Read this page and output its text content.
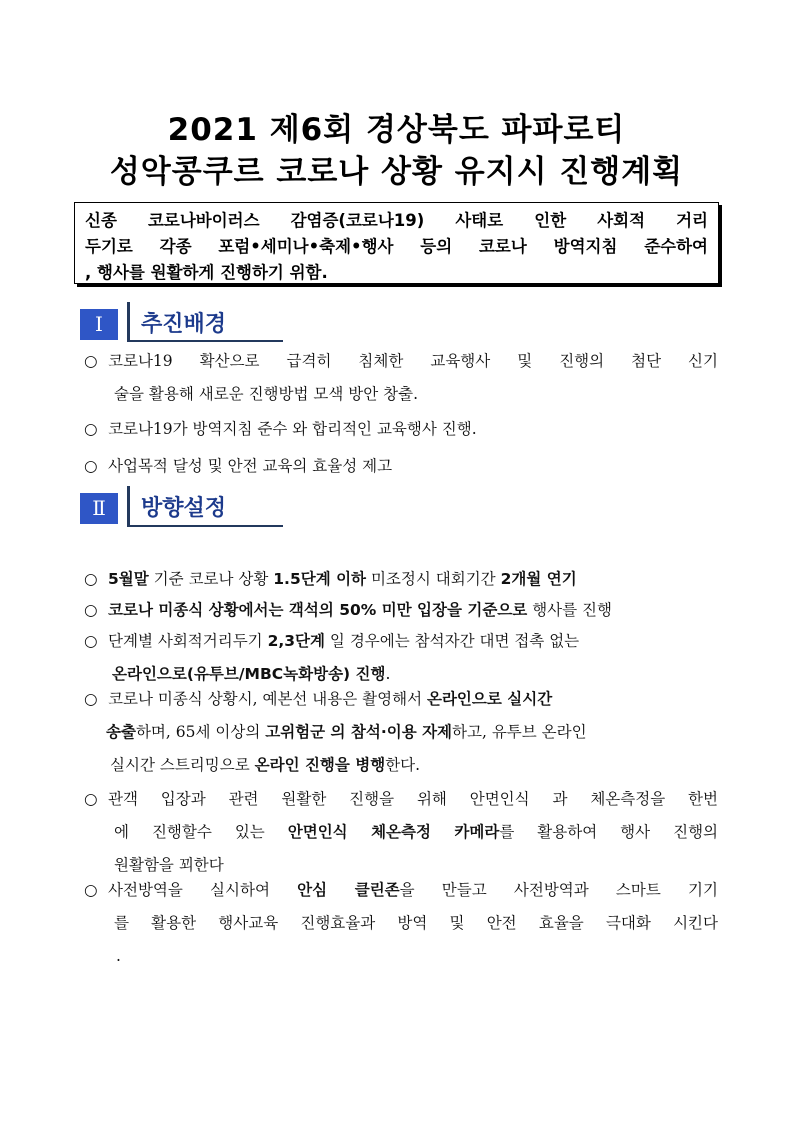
2021 제6회 경상북도 파파로티
성악콩쿠르 코로나 상황 유지시 진행계획
신종 코로나바이러스 감염증(코로나19) 사태로 인한 사회적 거리
두기로 각종 포럼•세미나•축제•행사 등의 코로나 방역지침 준수하여
, 행사를 원활하게 진행하기 위함.
Ⅰ	추진배경
○ 코로나19 확산으로 급격히 침체한 교육행사 및 진행의 첨단 신기
술을 활용해 새로운 진행방법 모색 방안 창출.
○ 코로나19가 방역지침 준수 와 합리적인 교육행사 진행.
○ 사업목적 달성 및 안전 교육의 효율성 제고
Ⅱ	방향설정
○ 5월말 기준 코로나 상황 1.5단계 이하 미조정시 대회기간 2개월 연기
○ 코로나 미종식 상황에서는 객석의 50% 미만 입장을 기준으로 행사를 진행
○ 단계별 사회적거리두기 2,3단계 일 경우에는 참석자간 대면 접촉 없는
온라인으로(유투브/MBC녹화방송) 진행.
○ 코로나 미종식 상황시, 예본선 내용은 촬영해서 온라인으로 실시간
송출하며, 65세 이상의 고위험군 의 참석·이용 자제하고, 유투브 온라인
실시간 스트리밍으로 온라인 진행을 병행한다.
○ 관객 입장과 관련 원활한 진행을 위해 안면인식 과 체온측정을 한번
에 진행할수 있는 안면인식 체온측정 카메라를 활용하여 행사 진행의
원활함을 꾀한다
○ 사전방역을 실시하여 안심 클린존을 만들고 사전방역과 스마트 기기
를 활용한 행사교육 진행효율과 방역 및 안전 효율을 극대화 시킨다
.
